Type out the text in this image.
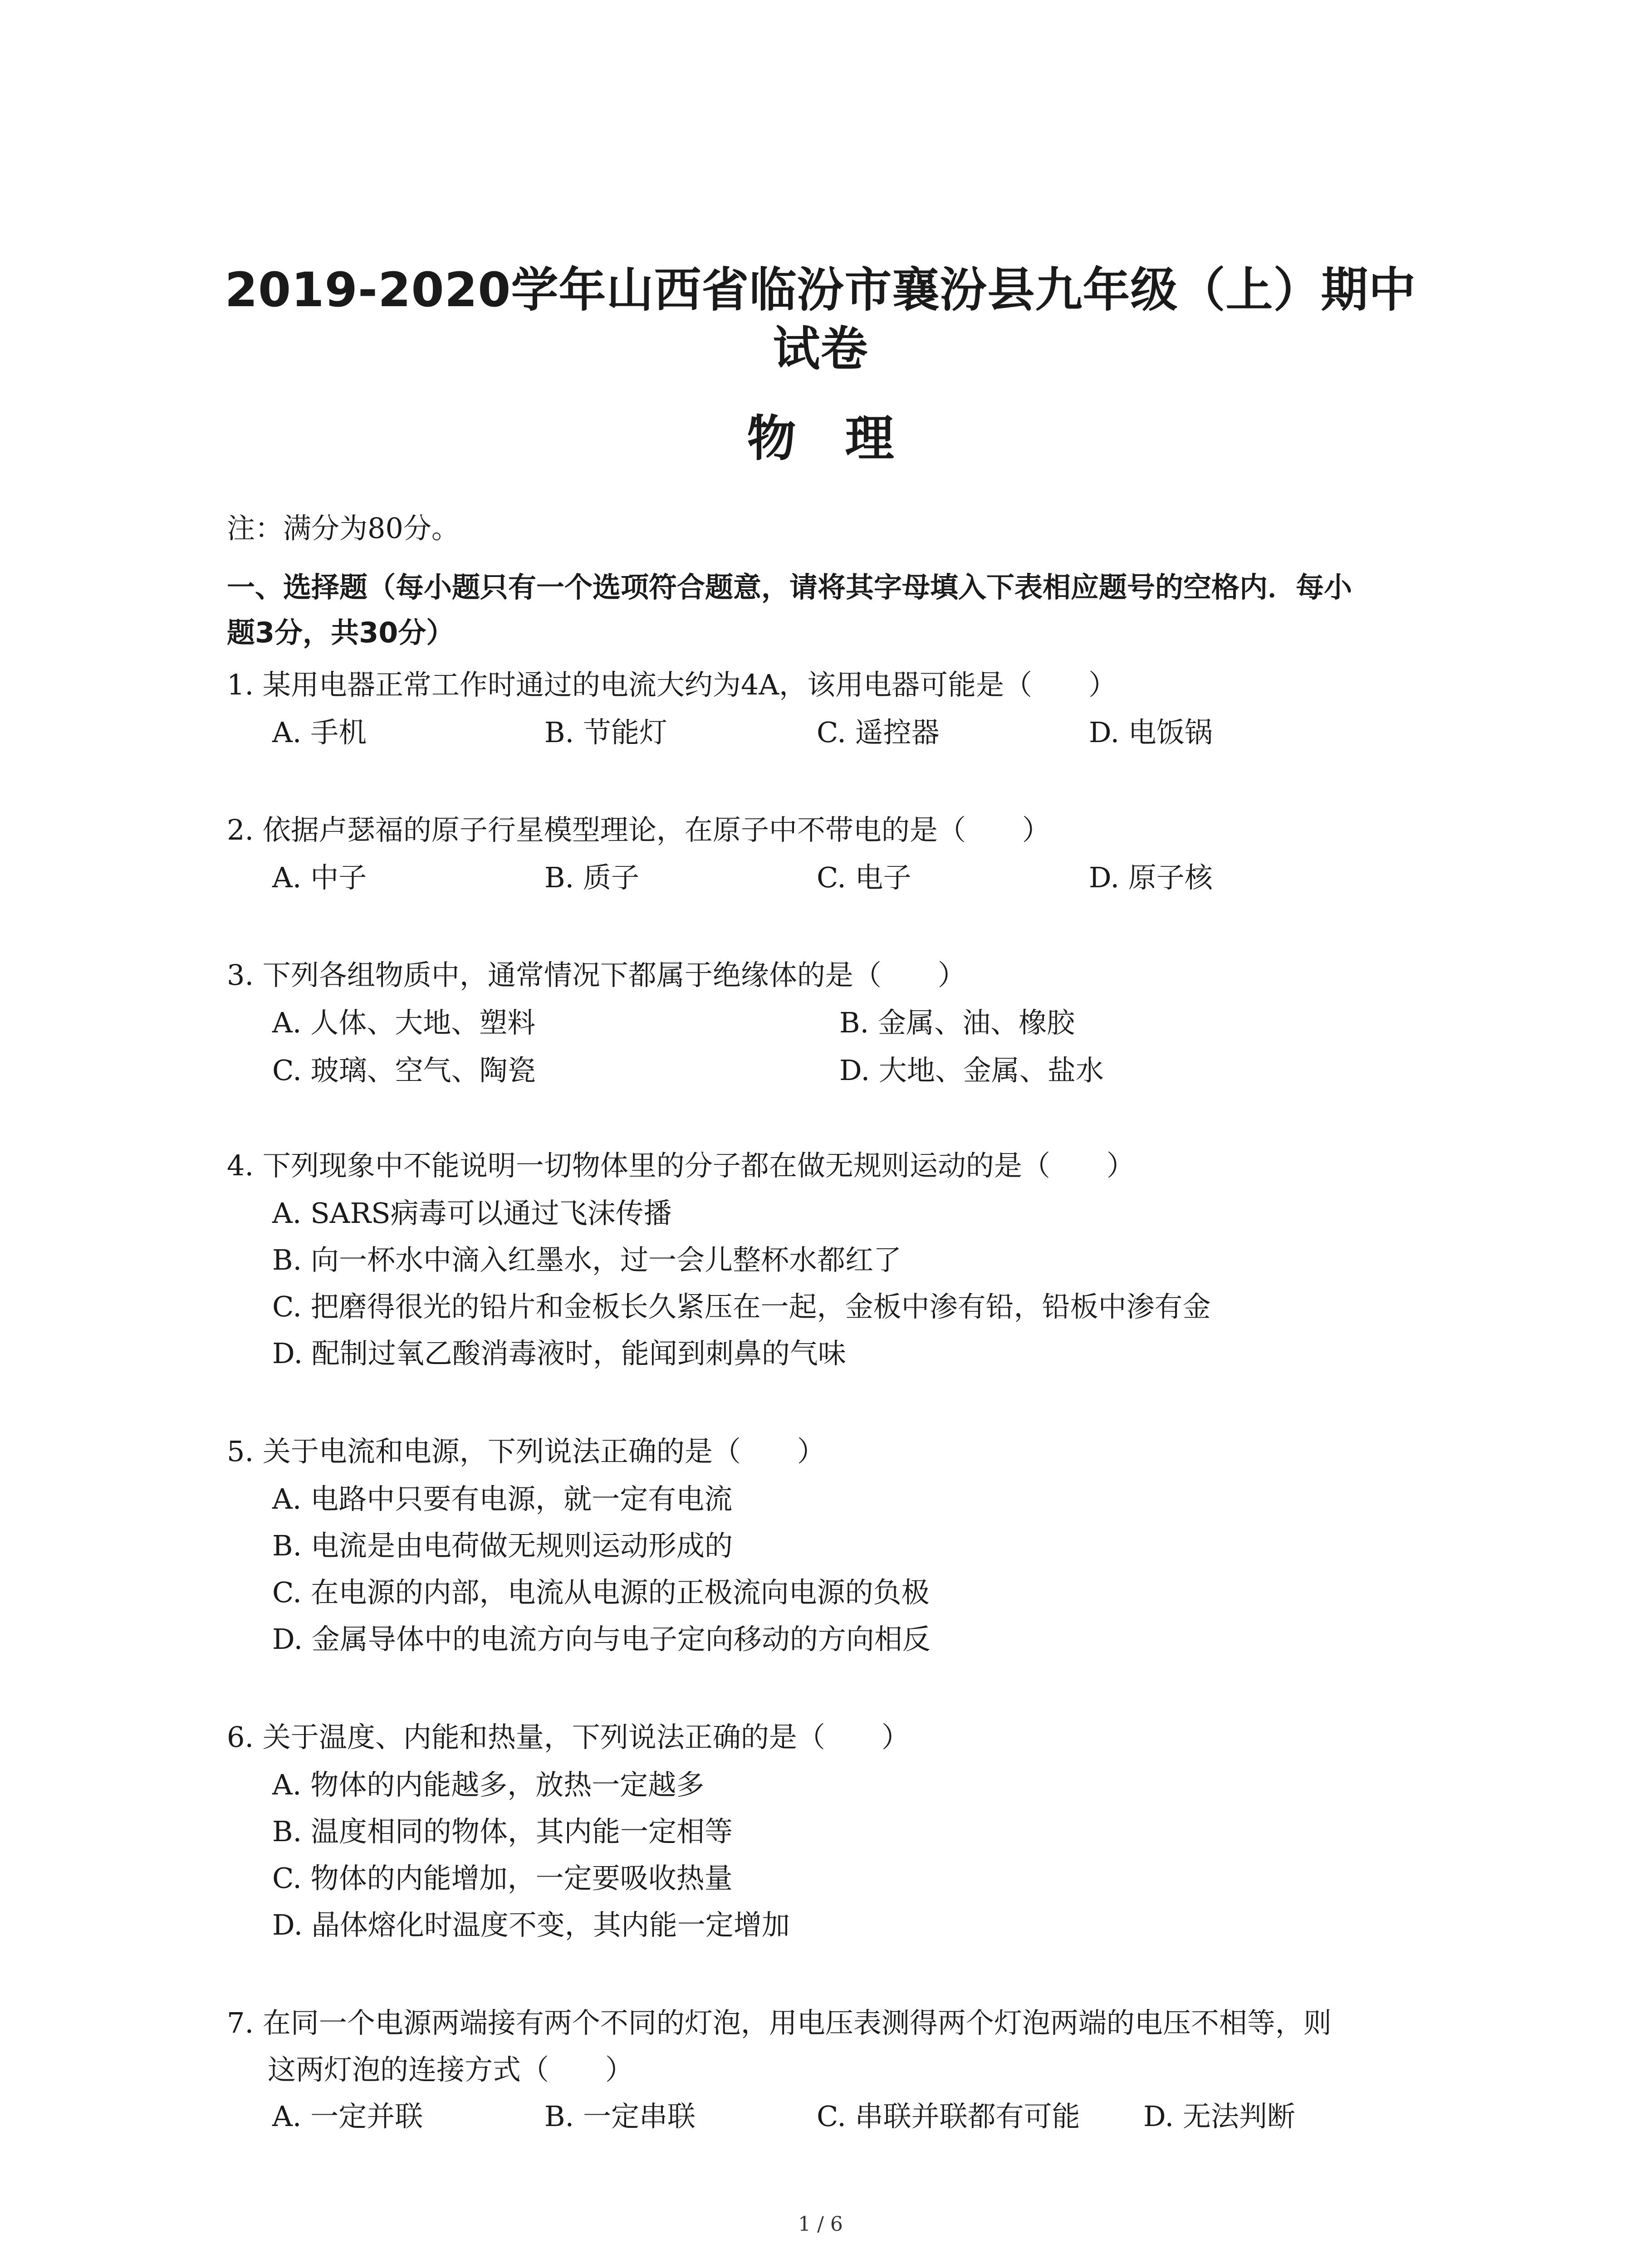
2019-2020学年山西省临汾市襄汾县九年级（上）期中
试卷
物　理
注：满分为80分。
一、选择题（每小题只有一个选项符合题意，请将其字母填入下表相应题号的空格内．每小
题3分，共30分）
1. 某用电器正常工作时通过的电流大约为4A，该用电器可能是（　　）
A. 手机	B. 节能灯	C. 遥控器	D. 电饭锅
2. 依据卢瑟福的原子行星模型理论，在原子中不带电的是（　　）
A. 中子	B. 质子	C. 电子	D. 原子核
3. 下列各组物质中，通常情况下都属于绝缘体的是（　　）
A. 人体、大地、塑料	B. 金属、油、橡胶
C. 玻璃、空气、陶瓷	D. 大地、金属、盐水
4. 下列现象中不能说明一切物体里的分子都在做无规则运动的是（　　）
A. SARS病毒可以通过飞沫传播
B. 向一杯水中滴入红墨水，过一会儿整杯水都红了
C. 把磨得很光的铅片和金板长久紧压在一起，金板中渗有铅，铅板中渗有金
D. 配制过氧乙酸消毒液时，能闻到刺鼻的气味
5. 关于电流和电源，下列说法正确的是（　　）
A. 电路中只要有电源，就一定有电流
B. 电流是由电荷做无规则运动形成的
C. 在电源的内部，电流从电源的正极流向电源的负极
D. 金属导体中的电流方向与电子定向移动的方向相反
6. 关于温度、内能和热量，下列说法正确的是（　　）
A. 物体的内能越多，放热一定越多
B. 温度相同的物体，其内能一定相等
C. 物体的内能增加，一定要吸收热量
D. 晶体熔化时温度不变，其内能一定增加
7. 在同一个电源两端接有两个不同的灯泡，用电压表测得两个灯泡两端的电压不相等，则
这两灯泡的连接方式（　　）
A. 一定并联	B. 一定串联	C. 串联并联都有可能 D. 无法判断
1 / 6
